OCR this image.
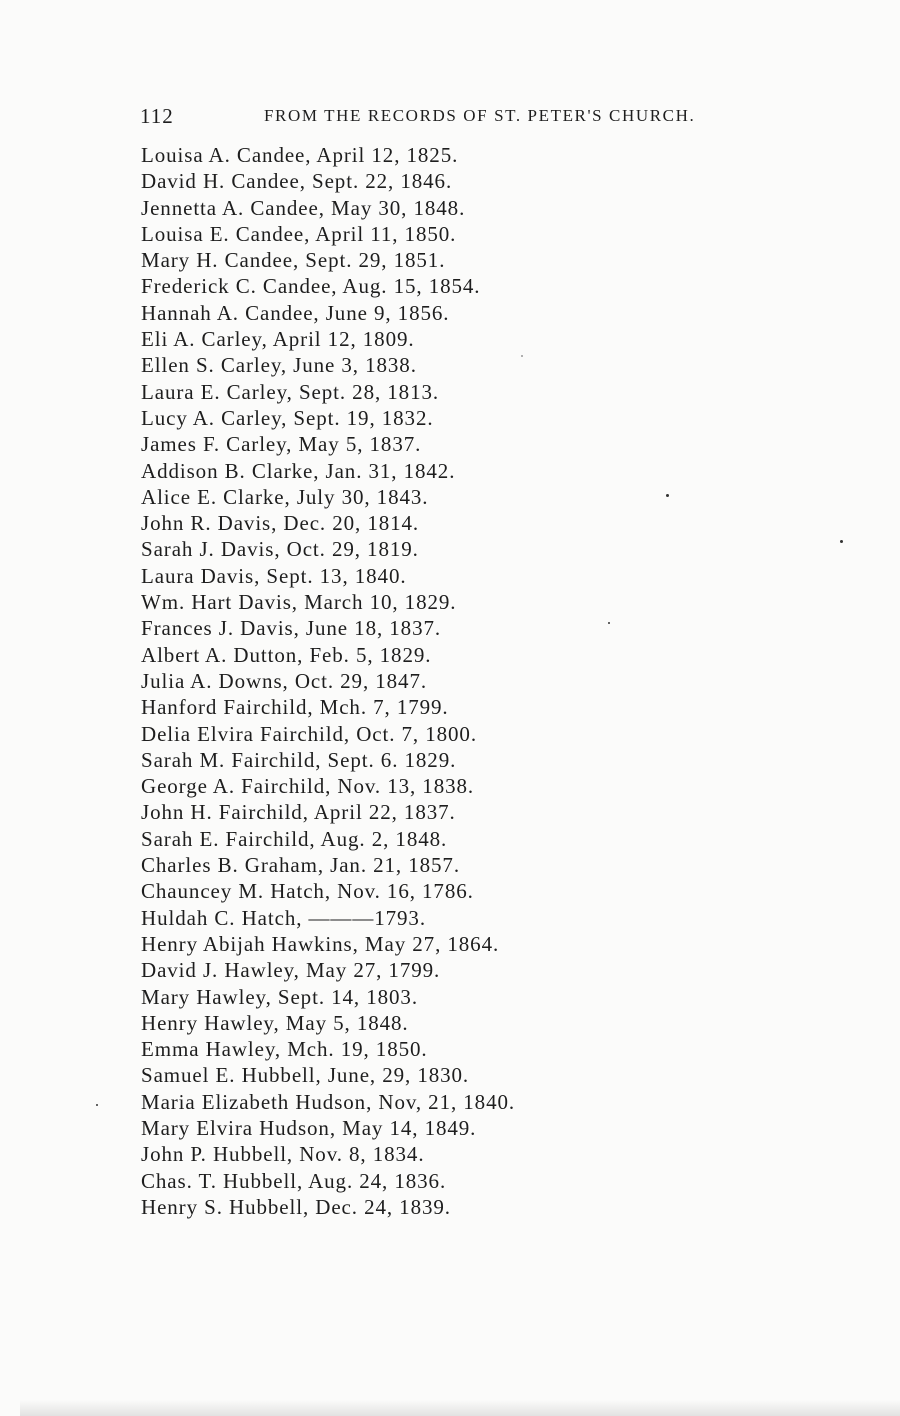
112	FROM THE RECORDS OF ST. PETER'S CHURCH.
Louisa A. Candee, April 12, 1825.
David H. Candee, Sept. 22, 1846.
Jennetta A. Candee, May 30, 1848.
Louisa E. Candee, April 11, 1850.
Mary H. Candee, Sept. 29, 1851.
Frederick C. Candee, Aug. 15, 1854.
Hannah A. Candee, June 9, 1856.
Eli A. Carley, April 12, 1809.
Ellen S. Carley, June 3, 1838.
Laura E. Carley, Sept. 28, 1813.
Lucy A. Carley, Sept. 19, 1832.
James F. Carley, May 5, 1837.
Addison B. Clarke, Jan. 31, 1842.
Alice E. Clarke, July 30, 1843.
John R. Davis, Dec. 20, 1814.
Sarah J. Davis, Oct. 29, 1819.
Laura Davis, Sept. 13, 1840.
Wm. Hart Davis, March 10, 1829.
Frances J. Davis, June 18, 1837.
Albert A. Dutton, Feb. 5, 1829.
Julia A. Downs, Oct. 29, 1847.
Hanford Fairchild, Mch. 7, 1799.
Delia Elvira Fairchild, Oct. 7, 1800.
Sarah M. Fairchild, Sept. 6. 1829.
George A. Fairchild, Nov. 13, 1838.
John H. Fairchild, April 22, 1837.
Sarah E. Fairchild, Aug. 2, 1848.
Charles B. Graham, Jan. 21, 1857.
Chauncey M. Hatch, Nov. 16, 1786.
Huldah C. Hatch, ———1793.
Henry Abijah Hawkins, May 27, 1864.
David J. Hawley, May 27, 1799.
Mary Hawley, Sept. 14, 1803.
Henry Hawley, May 5, 1848.
Emma Hawley, Mch. 19, 1850.
Samuel E. Hubbell, June, 29, 1830.
Maria Elizabeth Hudson, Nov, 21, 1840.
Mary Elvira Hudson, May 14, 1849.
John P. Hubbell, Nov. 8, 1834.
Chas. T. Hubbell, Aug. 24, 1836.
Henry S. Hubbell, Dec. 24, 1839.
